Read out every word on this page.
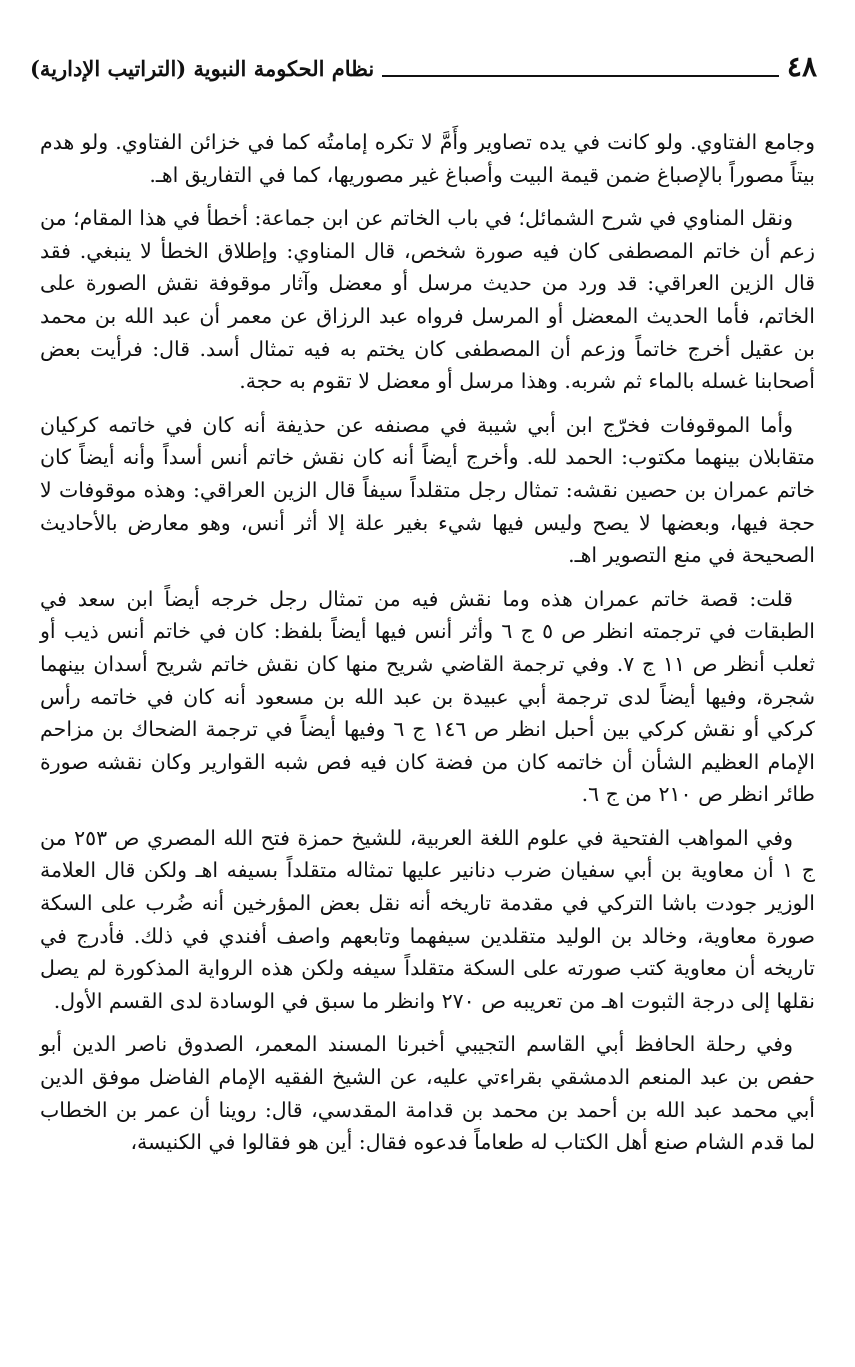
نظام الحكومة النبوية (التراتيب الإدارية)	٤٨

وجامع الفتاوي. ولو كانت في يده تصاوير وأَمَّ لا تكره إمامتُه كما في خزائن الفتاوي. ولو هدم بيتاً مصوراً بالإصباغ ضمن قيمة البيت وأصباغ غير مصوريها، كما في التفاريق اهـ.

ونقل المناوي في شرح الشمائل؛ في باب الخاتم عن ابن جماعة: أخطأ في هذا المقام؛ من زعم أن خاتم المصطفى كان فيه صورة شخص، قال المناوي: وإطلاق الخطأ لا ينبغي. فقد قال الزين العراقي: قد ورد من حديث مرسل أو معضل وآثار موقوفة نقش الصورة على الخاتم، فأما الحديث المعضل أو المرسل فرواه عبد الرزاق عن معمر أن عبد الله بن محمد بن عقيل أخرج خاتماً وزعم أن المصطفى كان يختم به فيه تمثال أسد. قال: فرأيت بعض أصحابنا غسله بالماء ثم شربه. وهذا مرسل أو معضل لا تقوم به حجة.

وأما الموقوفات فخرّج ابن أبي شيبة في مصنفه عن حذيفة أنه كان في خاتمه كركيان متقابلان بينهما مكتوب: الحمد لله. وأخرج أيضاً أنه كان نقش خاتم أنس أسداً وأنه أيضاً كان خاتم عمران بن حصين نقشه: تمثال رجل متقلداً سيفاً قال الزين العراقي: وهذه موقوفات لا حجة فيها، وبعضها لا يصح وليس فيها شيء بغير علة إلا أثر أنس، وهو معارض بالأحاديث الصحيحة في منع التصوير اهـ.

قلت: قصة خاتم عمران هذه وما نقش فيه من تمثال رجل خرجه أيضاً ابن سعد في الطبقات في ترجمته انظر ص ٥ ج ٦ وأثر أنس فيها أيضاً بلفظ: كان في خاتم أنس ذيب أو ثعلب أنظر ص ١١ ج ٧. وفي ترجمة القاضي شريح منها كان نقش خاتم شريح أسدان بينهما شجرة، وفيها أيضاً لدى ترجمة أبي عبيدة بن عبد الله بن مسعود أنه كان في خاتمه رأس كركي أو نقش كركي بين أحبل انظر ص ١٤٦ ج ٦ وفيها أيضاً في ترجمة الضحاك بن مزاحم الإمام العظيم الشأن أن خاتمه كان من فضة كان فيه فص شبه القوارير وكان نقشه صورة طائر انظر ص ٢١٠ من ج ٦.

وفي المواهب الفتحية في علوم اللغة العربية، للشيخ حمزة فتح الله المصري ص ٢٥٣ من ج ١ أن معاوية بن أبي سفيان ضرب دنانير عليها تمثاله متقلداً بسيفه اهـ ولكن قال العلامة الوزير جودت باشا التركي في مقدمة تاريخه أنه نقل بعض المؤرخين أنه ضُرب على السكة صورة معاوية، وخالد بن الوليد متقلدين سيفهما وتابعهم واصف أفندي في ذلك. فأدرج في تاريخه أن معاوية كتب صورته على السكة متقلداً سيفه ولكن هذه الرواية المذكورة لم يصل نقلها إلى درجة الثبوت اهـ من تعريبه ص ٢٧٠ وانظر ما سبق في الوسادة لدى القسم الأول.

وفي رحلة الحافظ أبي القاسم التجيبي أخبرنا المسند المعمر، الصدوق ناصر الدين أبو حفص بن عبد المنعم الدمشقي بقراءتي عليه، عن الشيخ الفقيه الإمام الفاضل موفق الدين أبي محمد عبد الله بن أحمد بن محمد بن قدامة المقدسي، قال: روينا أن عمر بن الخطاب لما قدم الشام صنع أهل الكتاب له طعاماً فدعوه فقال: أين هو فقالوا في الكنيسة،
